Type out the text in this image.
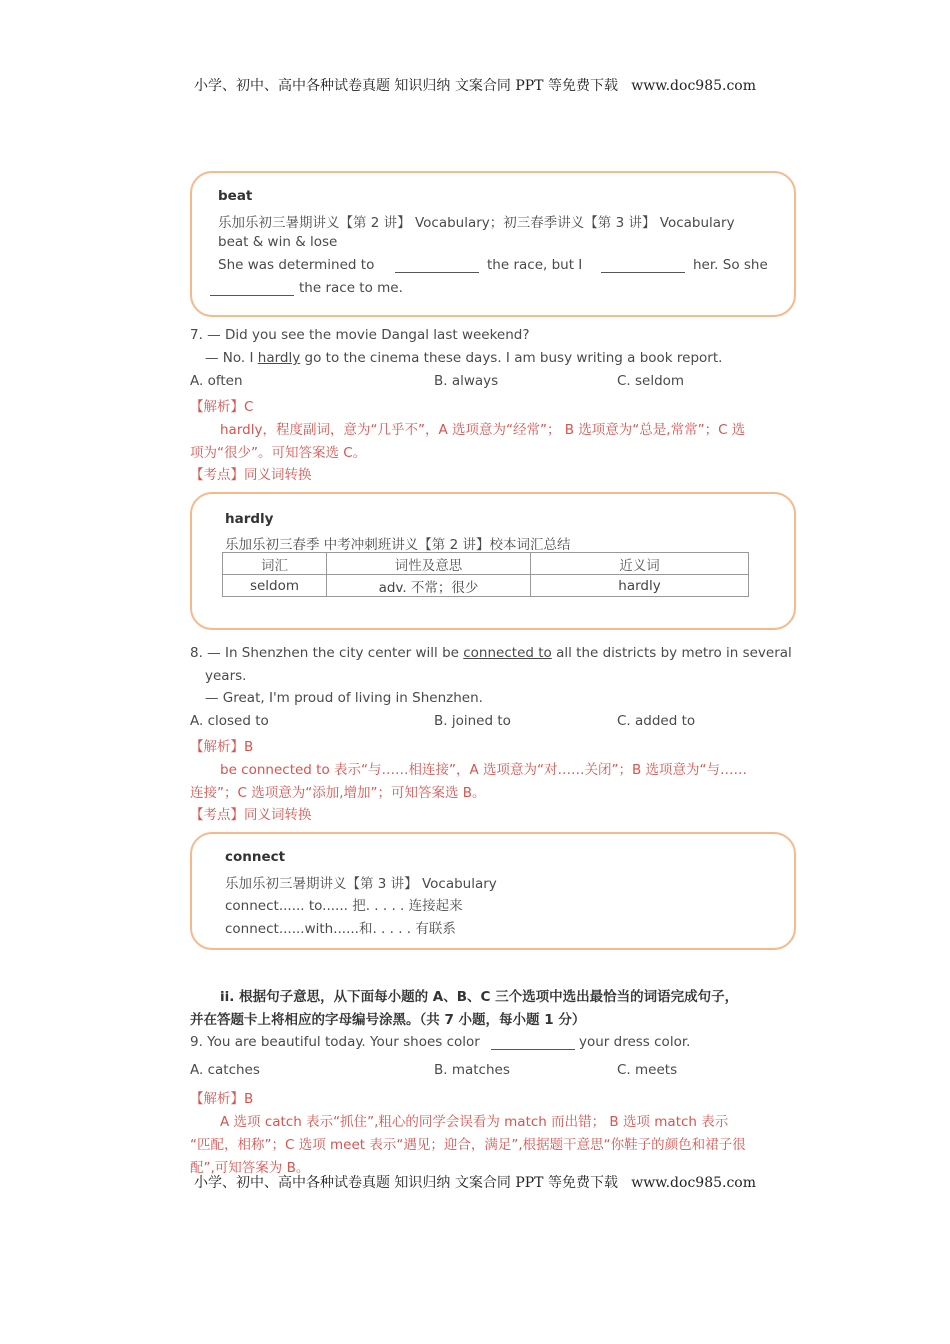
小学、初中、高中各种试卷真题 知识归纳 文案合同 PPT 等免费下载   www.doc985.com
beat
乐加乐初三暑期讲义【第 2 讲】 Vocabulary；初三春季讲义【第 3 讲】 Vocabulary
beat & win & lose
She was determined to	the race, but I	her. So she
the race to me.
7. — Did you see the movie Dangal last weekend?
— No. I hardly go to the cinema these days. I am busy writing a book report.
A. often	B. always	C. seldom
【解析】C
hardly，程度副词，意为“几乎不”，A 选项意为“经常”； B 选项意为“总是,常常”；C 选
项为“很少”。可知答案选 C。
【考点】同义词转换
hardly
乐加乐初三春季 中考冲刺班讲义【第 2 讲】校本词汇总结
词汇	词性及意思	近义词
seldom	adv. 不常；很少	hardly
8. — In Shenzhen the city center will be connected to all the districts by metro in several
years.
— Great, I'm proud of living in Shenzhen.
A. closed to	B. joined to	C. added to
【解析】B
be connected to 表示“与……相连接”，A 选项意为“对……关闭”；B 选项意为“与……
连接”；C 选项意为“添加,增加”；可知答案选 B。
【考点】同义词转换
connect
乐加乐初三暑期讲义【第 3 讲】 Vocabulary
connect...... to...... 把. . . . . 连接起来
connect......with......和. . . . . 有联系
ii. 根据句子意思，从下面每小题的 A、B、C 三个选项中选出最恰当的词语完成句子，
并在答题卡上将相应的字母编号涂黑。（共 7 小题，每小题 1 分）
9. You are beautiful today. Your shoes color	your dress color.
A. catches	B. matches	C. meets
【解析】B
A 选项 catch 表示“抓住”,粗心的同学会误看为 match 而出错； B 选项 match 表示
“匹配，相称”；C 选项 meet 表示“遇见；迎合，满足”,根据题干意思“你鞋子的颜色和裙子很
配”,可知答案为 B。
小学、初中、高中各种试卷真题 知识归纳 文案合同 PPT 等免费下载   www.doc985.com
